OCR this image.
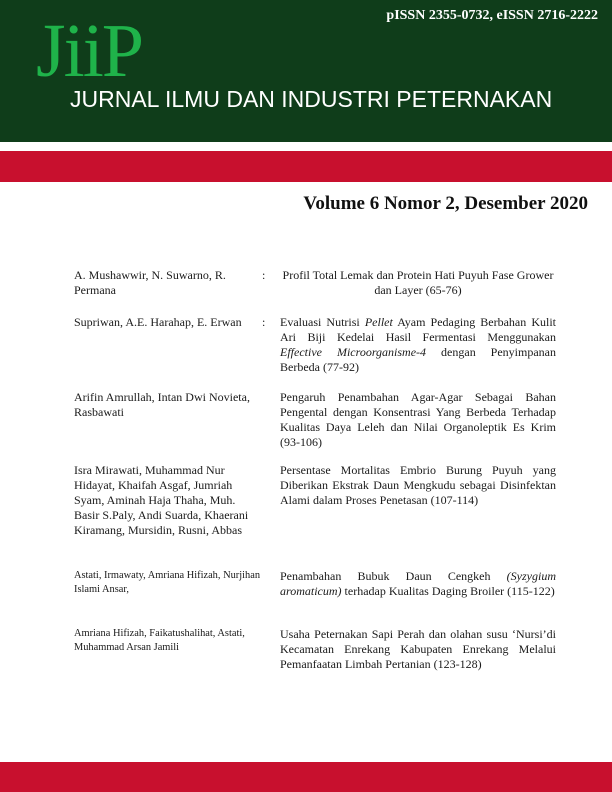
pISSN 2355-0732, eISSN 2716-2222
JiiP
JURNAL ILMU DAN INDUSTRI PETERNAKAN
Volume 6 Nomor 2, Desember 2020
A. Mushawwir, N. Suwarno, R. Permana
: Profil Total Lemak dan Protein Hati Puyuh Fase Grower dan Layer (65-76)
Supriwan, A.E. Harahap, E. Erwan	: Evaluasi Nutrisi Pellet Ayam Pedaging Berbahan Kulit Ari Biji Kedelai Hasil Fermentasi Menggunakan Effective Microorganisme-4 dengan Penyimpanan Berbeda (77-92)
Arifin Amrullah, Intan Dwi Novieta, Rasbawati
Pengaruh Penambahan Agar-Agar Sebagai Bahan Pengental dengan Konsentrasi Yang Berbeda Terhadap Kualitas Daya Leleh dan Nilai Organoleptik Es Krim (93-106)
Isra Mirawati, Muhammad Nur Hidayat, Khaifah Asgaf, Jumriah Syam, Aminah Haja Thaha, Muh. Basir S.Paly, Andi Suarda, Khaerani Kiramang, Mursidin, Rusni, Abbas
Persentase Mortalitas Embrio Burung Puyuh yang Diberikan Ekstrak Daun Mengkudu sebagai Disinfektan Alami dalam Proses Penetasan (107-114)
Astati, Irmawaty, Amriana Hifizah, Nurjihan Islami Ansar,
Penambahan Bubuk Daun Cengkeh (Syzygium aromaticum) terhadap Kualitas Daging Broiler (115-122)
Amriana Hifizah, Faikatushalihat, Astati, Muhammad Arsan Jamili
Usaha Peternakan Sapi Perah dan olahan susu ‘Nursi’di Kecamatan Enrekang Kabupaten Enrekang Melalui Pemanfaatan Limbah Pertanian (123-128)
